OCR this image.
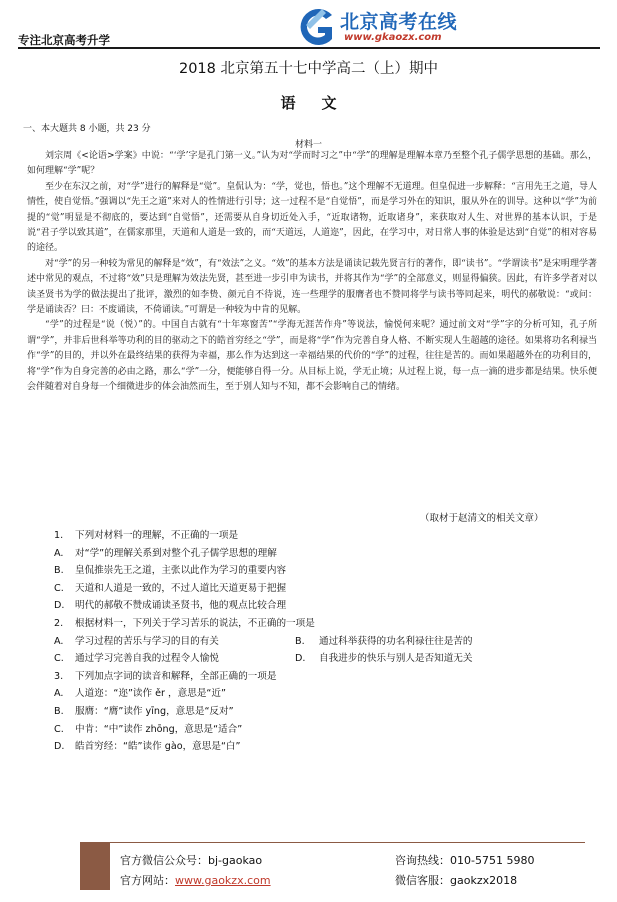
专注北京高考升学
北京高考在线
www.gkaozx.com
2018 北京第五十七中学高二（上）期中
语文
一、本大题共 8 小题，共 23 分
材料一

刘宗周《<论语>学案》中说：“‘学’字是孔门第一义。”认为对“学而时习之”中“学”的理解是理解本章乃至整个孔子儒学思想的基础。那么，如何理解“学”呢？

至少在东汉之前，对“学”进行的解释是“觉”。皇侃认为：“学，觉也，悟也。”这个理解不无道理。但皇侃进一步解释：“言用先王之道，导人情性，使自觉悟。”强调以“先王之道”来对人的性情进行引导；这一过程不是“自觉悟”，而是学习外在的知识，服从外在的训导。这种以“学”为前提的“觉”明显是不彻底的，要达到“自觉悟”，还需要从自身切近处入手，“近取诸物，近取诸身”，来获取对人生、对世界的基本认识，于是说“君子学以致其道”，在儒家那里，天道和人道是一致的，而“天道远，人道迩”，因此，在学习中，对日常人事的体验是达到“自觉”的相对容易的途径。

对“学”的另一种较为常见的解释是“效”，有“效法”之义。“效”的基本方法是诵读记载先贤言行的著作，即“读书”。“学谓读书”是宋明理学著述中常见的观点，不过将“效”只是理解为效法先贤，甚至进一步引申为读书，并将其作为“学”的全部意义，则显得偏狭。因此，有许多学者对以读圣贤书为学的做法提出了批评，激烈的如李贽、颜元自不待说，连一些理学的服膺者也不赞同将学与读书等同起来，明代的郝敬说：“或问：学是诵读否？曰：不废诵读，不倚诵读。”可谓是一种较为中肯的见解。

“学”的过程是“说（悦）”的。中国自古就有“十年寒窗苦”“学海无涯苦作舟”等说法，愉悦何来呢？通过前文对“学”字的分析可知，孔子所谓“学”，并非后世科举等功利的目的驱动之下的皓首穷经之“学”，而是将“学”作为完善自身人格、不断实现人生超越的途径。如果将功名利禄当作“学”的目的，并以外在最终结果的获得为幸福，那么作为达到这一幸福结果的代价的“学”的过程，往往是苦的。而如果超越外在的功利目的，将“学”作为自身完善的必由之路，那么“学”一分，便能够自得一分。从目标上说，学无止境；从过程上说，每一点一滴的进步都是结果。快乐便会伴随着对自身每一个细微进步的体会油然而生，至于别人知与不知，都不会影响自己的情绪。

（取材于赵清文的相关文章）
1. 下列对材料一的理解，不正确的一项是
A. 对“学”的理解关系到对整个孔子儒学思想的理解
B. 皇侃推崇先王之道，主张以此作为学习的重要内容
C. 天道和人道是一致的，不过人道比天道更易于把握
D. 明代的郝敬不赞成诵读圣贤书，他的观点比较合理
2. 根据材料一，下列关于学习苦乐的说法，不正确的一项是
A. 学习过程的苦乐与学习的目的有关	B. 通过科举获得的功名利禄往往是苦的
C. 通过学习完善自我的过程令人愉悦	D. 自我进步的快乐与别人是否知道无关
3. 下列加点字词的读音和解释，全部正确的一项是
A. 人道迩：“迩”读作 ěr ，意思是“近”
B. 服膺：“膺”读作 yīng，意思是“反对”
C. 中肯：“中”读作 zhōng，意思是“适合”
D. 皓首穷经：“皓”读作 gào，意思是“白”
官方微信公众号：bj-gaokao	咨询热线：010-5751 5980
官方网站：www.gaokzx.com	微信客服：gaokzx2018
